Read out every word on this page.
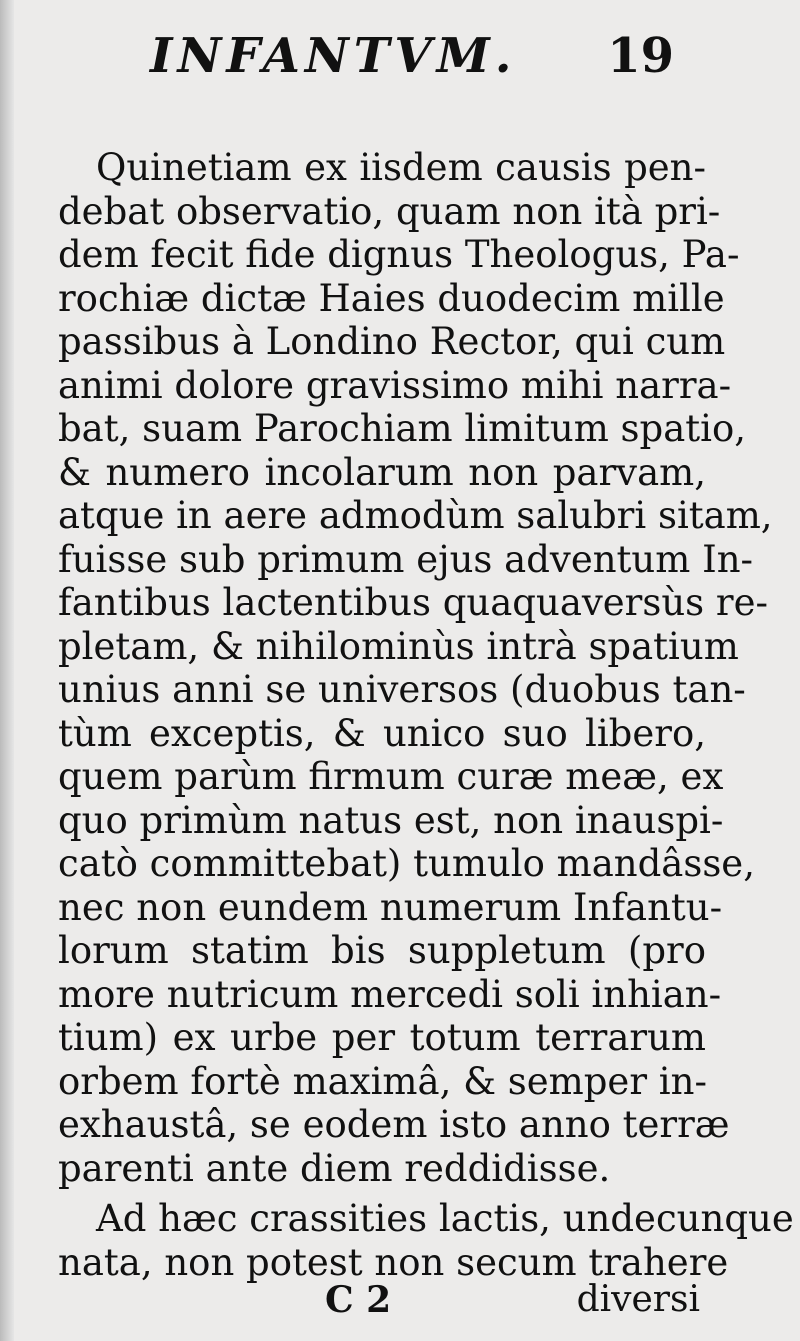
INFANTVM. 19
Quinetiam ex iisdem causis pen-
debat observatio, quam non ità pri-
dem fecit fide dignus Theologus, Pa-
rochiæ dictæ Haies duodecim mille
passibus à Londino Rector, qui cum
animi dolore gravissimo mihi narra-
bat, suam Parochiam limitum spatio,
& numero incolarum non parvam,
atque in aere admodùm salubri sitam,
fuisse sub primum ejus adventum In-
fantibus lactentibus quaquaversùs re-
pletam, & nihilominùs intrà spatium
unius anni se universos (duobus tan-
tùm exceptis, & unico suo libero,
quem parùm firmum curæ meæ, ex
quo primùm natus est, non inauspi-
catò committebat) tumulo mandâsse,
nec non eundem numerum Infantu-
lorum statim bis suppletum (pro
more nutricum mercedi soli inhian-
tium) ex urbe per totum terrarum
orbem fortè maximâ, & semper in-
exhaustâ, se eodem isto anno terræ
parenti ante diem reddidisse.
Ad hæc crassities lactis, undecunque
nata, non potest non secum trahere
C 2	diversi
